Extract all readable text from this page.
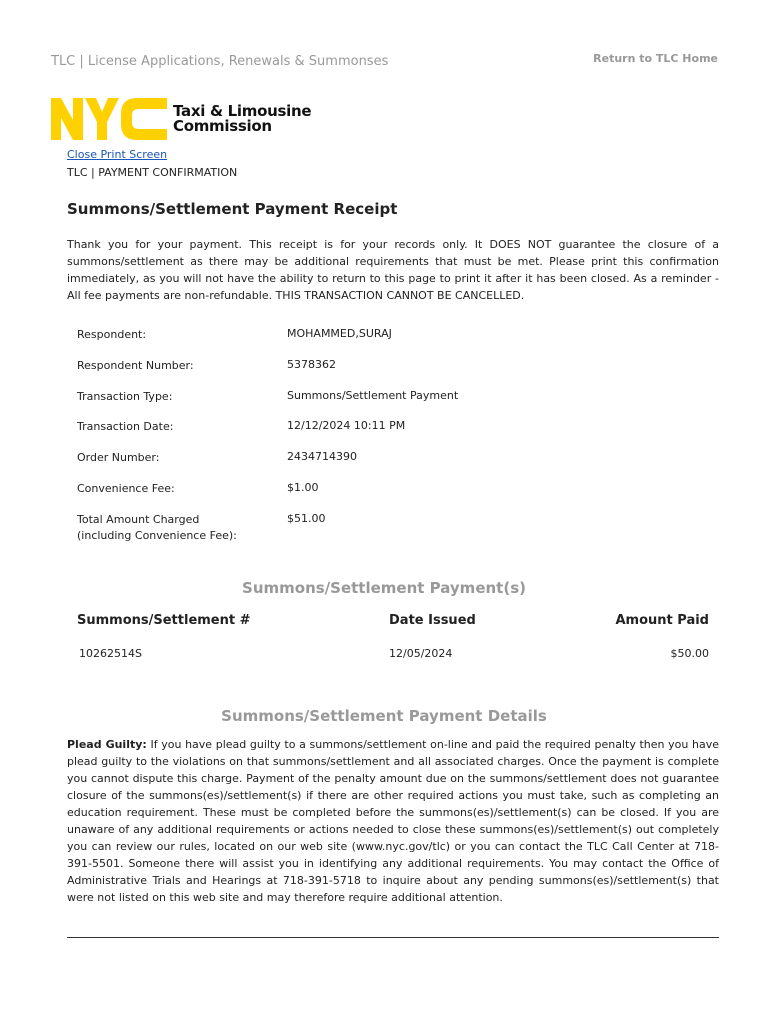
TLC | License Applications, Renewals & Summonses	Return to TLC Home
Taxi & Limousine
Commission
Close Print Screen
TLC | PAYMENT CONFIRMATION
Summons/Settlement Payment Receipt

Thank you for your payment. This receipt is for your records only. It DOES NOT guarantee the closure of a summons/settlement as there may be additional requirements that must be met. Please print this confirmation immediately, as you will not have the ability to return to this page to print it after it has been closed. As a reminder - All fee payments are non-refundable. THIS TRANSACTION CANNOT BE CANCELLED.

Respondent:	MOHAMMED,SURAJ
Respondent Number:	5378362
Transaction Type:	Summons/Settlement Payment
Transaction Date:	12/12/2024 10:11 PM
Order Number:	2434714390
Convenience Fee:	$1.00
Total Amount Charged
(including Convenience Fee):
$51.00
Summons/Settlement Payment(s)
Summons/Settlement #	Date Issued	Amount Paid
10262514S	12/05/2024	$50.00
Summons/Settlement Payment Details

Plead Guilty: If you have plead guilty to a summons/settlement on-line and paid the required penalty then you have plead guilty to the violations on that summons/settlement and all associated charges. Once the payment is complete you cannot dispute this charge. Payment of the penalty amount due on the summons/settlement does not guarantee closure of the summons(es)/settlement(s) if there are other required actions you must take, such as completing an education requirement. These must be completed before the summons(es)/settlement(s) can be closed. If you are unaware of any additional requirements or actions needed to close these summons(es)/settlement(s) out completely you can review our rules, located on our web site (www.nyc.gov/tlc) or you can contact the TLC Call Center at 718-391-5501. Someone there will assist you in identifying any additional requirements. You may contact the Office of Administrative Trials and Hearings at 718-391-5718 to inquire about any pending summons(es)/settlement(s) that were not listed on this web site and may therefore require additional attention.
